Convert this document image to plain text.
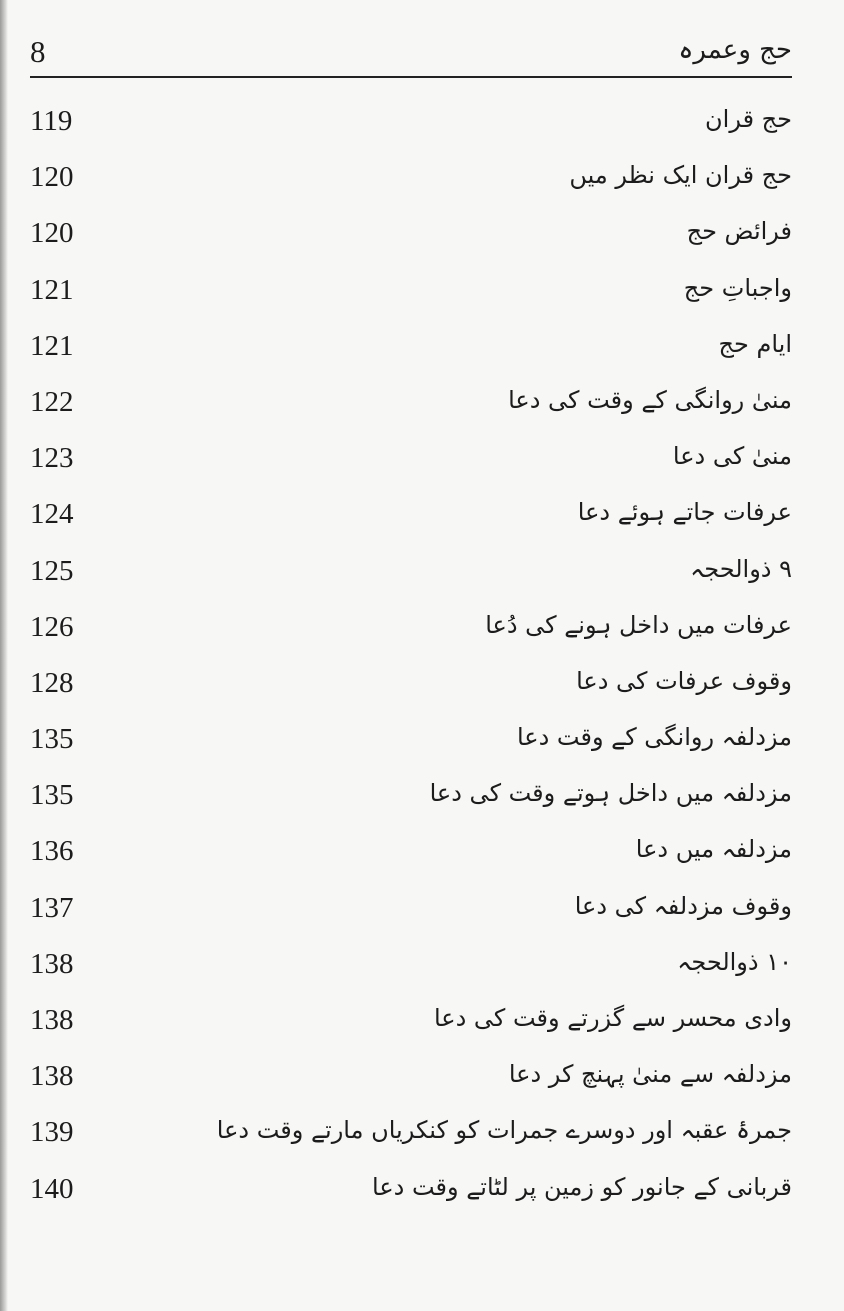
8	حج وعمرہ
119	حج قران
120	حج قران ایک نظر میں
120	فرائض حج
121	واجباتِ حج
121	ایام حج
122	منیٰ روانگی کے وقت کی دعا
123	منیٰ کی دعا
124	عرفات جاتے ہوئے دعا
125	۹ ذوالحجہ
126	عرفات میں داخل ہونے کی دُعا
128	وقوف عرفات کی دعا
135	مزدلفہ روانگی کے وقت دعا
135	مزدلفہ میں داخل ہوتے وقت کی دعا
136	مزدلفہ میں دعا
137	وقوف مزدلفہ کی دعا
138	۱۰ ذوالحجہ
138	وادی محسر سے گزرتے وقت کی دعا
138	مزدلفہ سے منیٰ پہنچ کر دعا
139	جمرۂ عقبہ اور دوسرے جمرات کو کنکریاں مارتے وقت دعا
140	قربانی کے جانور کو زمین پر لٹاتے وقت دعا
